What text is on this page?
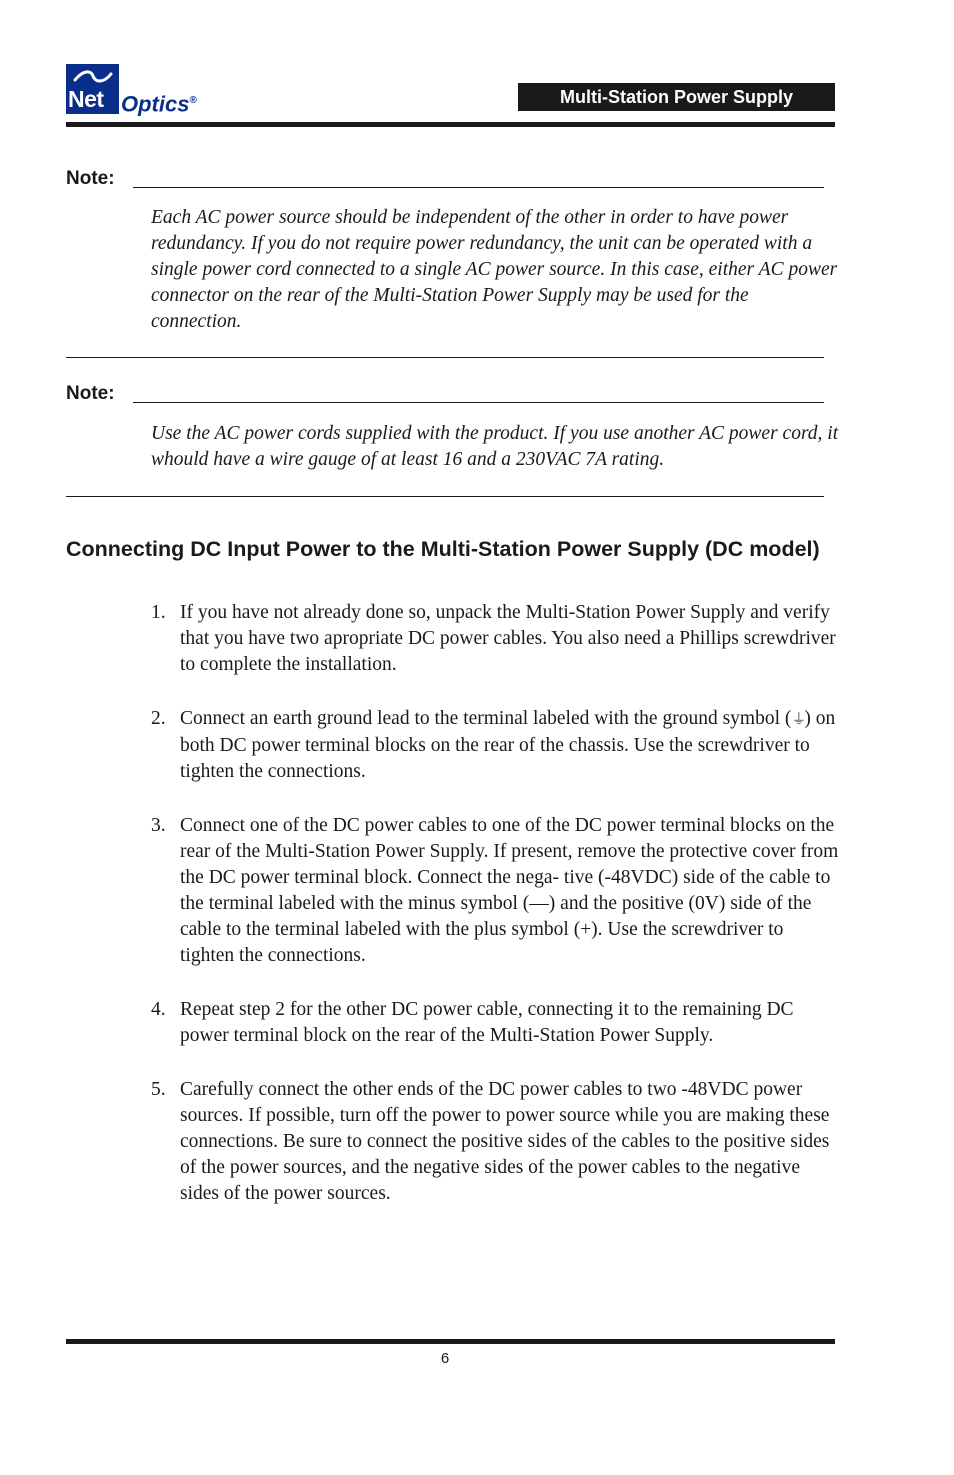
Net Optics®	Multi-Station Power Supply
Note:

Each AC power source should be independent of the other in order to have power redundancy. If you do not require power redundancy, the unit can be operated with a single power cord connected to a single AC power source. In this case, either AC power connector on the rear of the Multi-Station Power Supply may be used for the connection.

Note:

Use the AC power cords supplied with the product. If you use another AC power cord, it whould have a wire gauge of at least 16 and a 230VAC 7A rating.

Connecting DC Input Power to the Multi-Station Power Supply (DC model)
1. If you have not already done so, unpack the Multi-Station Power Supply and verify that you have two apropriate DC power cables. You also need a Phillips screwdriver to complete the installation.
2. Connect an earth ground lead to the terminal labeled with the ground symbol (⏚) on both DC power terminal blocks on the rear of the chassis. Use the screwdriver to tighten the connections.
3. Connect one of the DC power cables to one of the DC power terminal blocks on the rear of the Multi-Station Power Supply. If present, remove the protective cover from the DC power terminal block. Connect the nega- tive (-48VDC) side of the cable to the terminal labeled with the minus symbol (—) and the positive (0V) side of the cable to the terminal labeled with the plus symbol (+). Use the screwdriver to tighten the connections.
4. Repeat step 2 for the other DC power cable, connecting it to the remaining DC power terminal block on the rear of the Multi-Station Power Supply.
5. Carefully connect the other ends of the DC power cables to two -48VDC power sources. If possible, turn off the power to power source while you are making these connections. Be sure to connect the positive sides of the cables to the positive sides of the power sources, and the negative sides of the power cables to the negative sides of the power sources.
6
